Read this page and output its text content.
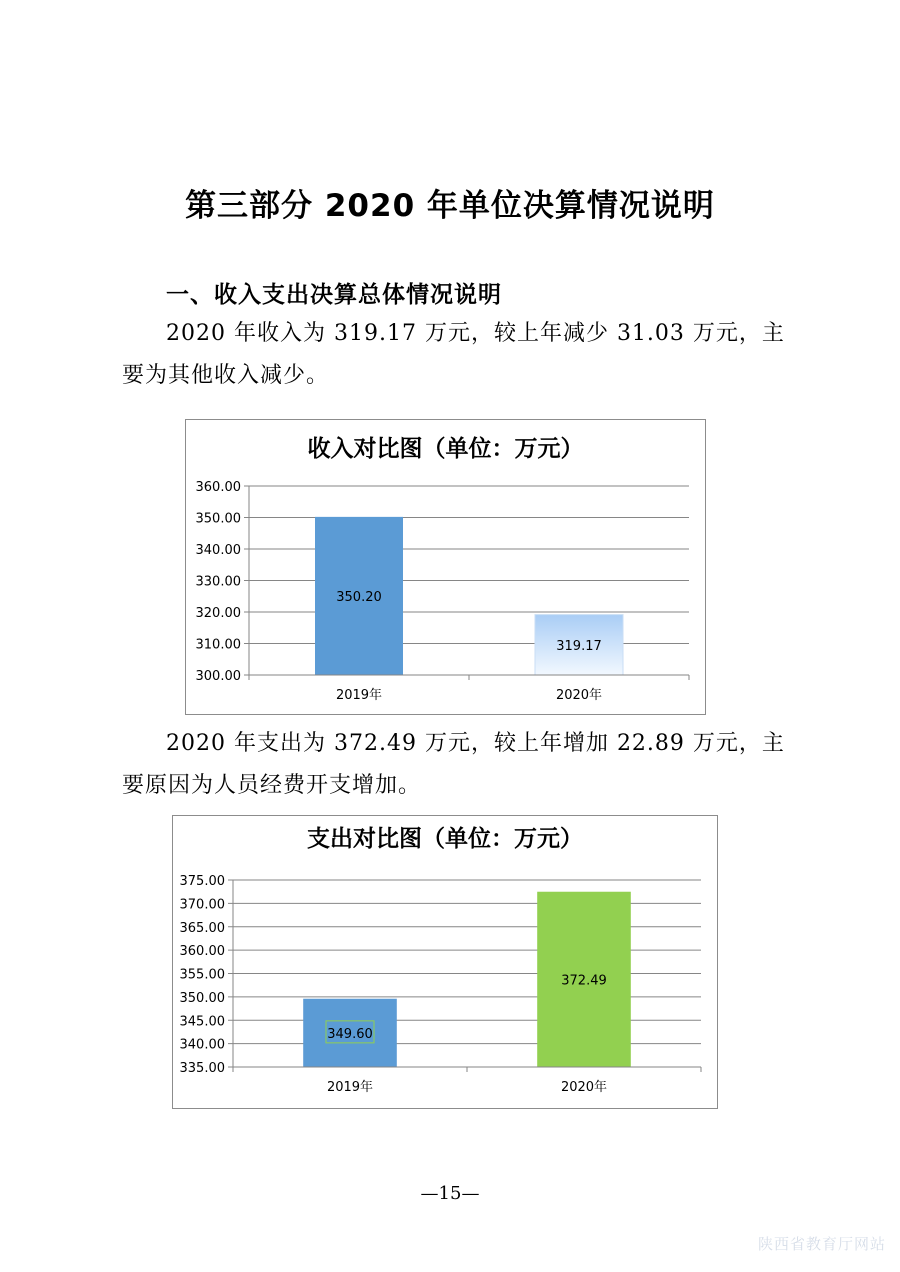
第三部分 2020 年单位决算情况说明
一、收入支出决算总体情况说明

2020 年收入为 319.17 万元，较上年减少 31.03 万元，主要为其他收入减少。

收入对比图（单位：万元）
300.00
310.00
320.00
330.00
340.00
350.00
360.00
350.20
2019年
319.17
2020年

2020 年支出为 372.49 万元，较上年增加 22.89 万元，主要原因为人员经费开支增加。

支出对比图（单位：万元）
335.00
340.00
345.00
350.00
355.00
360.00
365.00
370.00
375.00
349.60
2019年
372.49
2020年
—15—
陕西省教育厅网站
